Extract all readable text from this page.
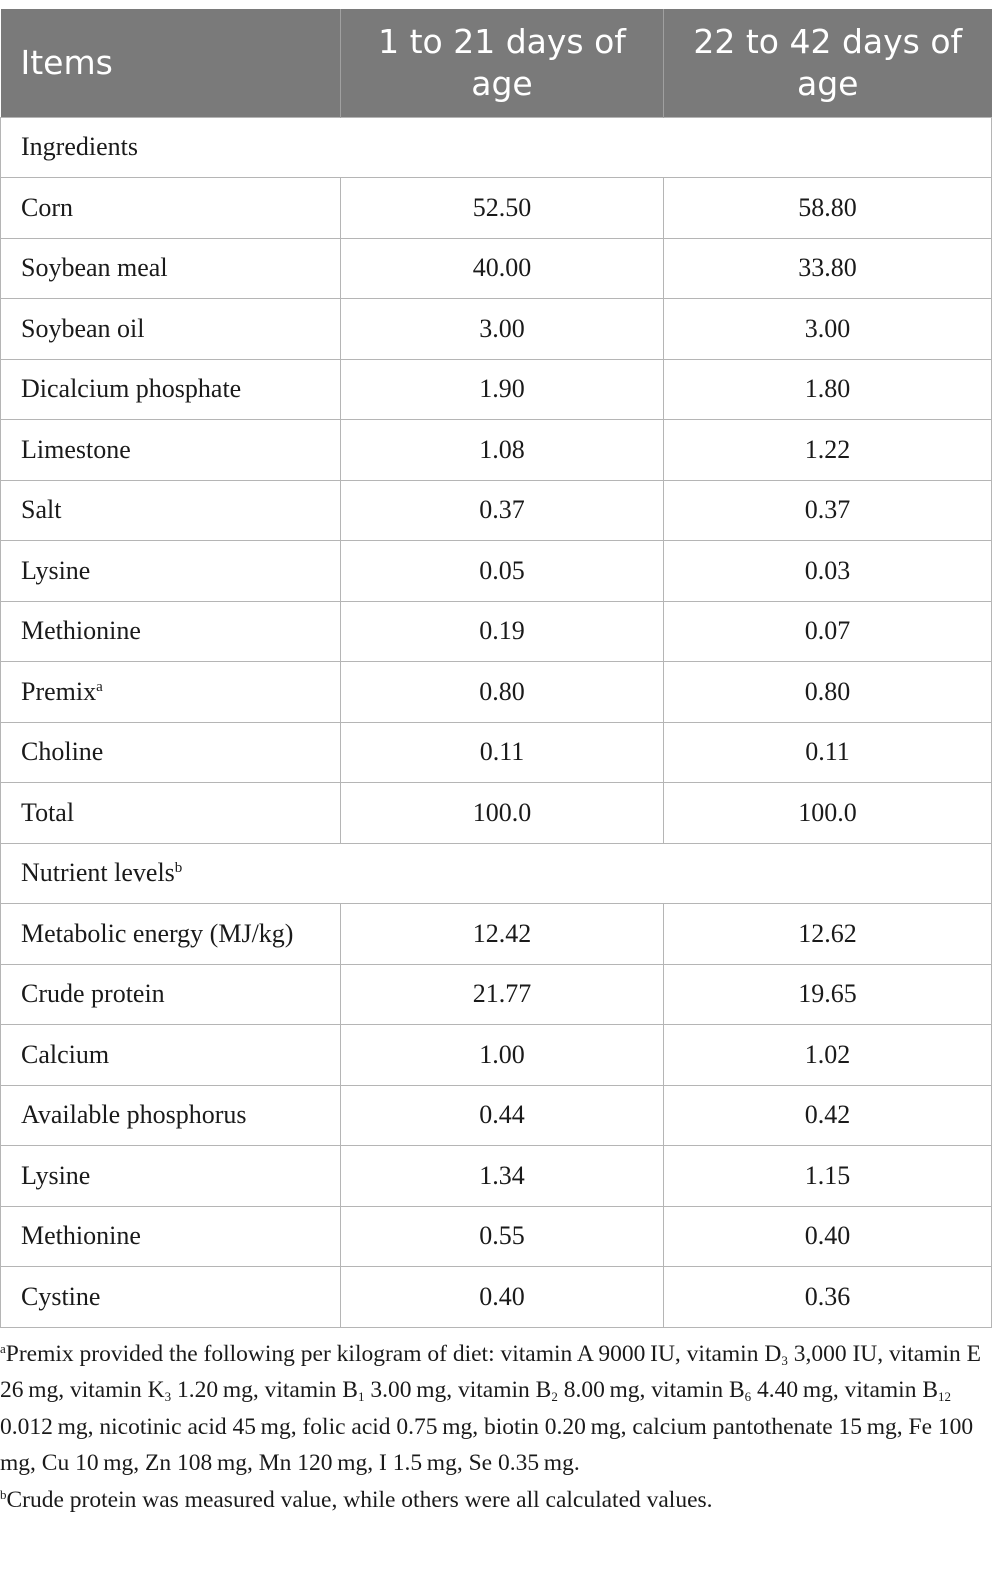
Items	1 to 21 days of age	22 to 42 days of age
Ingredients		
Corn	52.50	58.80
Soybean meal	40.00	33.80
Soybean oil	3.00	3.00
Dicalcium phosphate	1.90	1.80
Limestone	1.08	1.22
Salt	0.37	0.37
Lysine	0.05	0.03
Methionine	0.19	0.07
Premix$^a$	0.80	0.80
Choline	0.11	0.11
Total	100.0	100.0
Nutrient levels$^b$
Metabolic energy (MJ/kg)	12.42	12.62
Crude protein	21.77	19.65
Calcium	1.00	1.02
Available phosphorus	0.44	0.42
Lysine	1.34	1.15
Methionine	0.55	0.40
Cystine	0.40	0.36

$^a$Premix provided the following per kilogram of diet: vitamin A 9000 IU, vitamin $D_3$ 3,000 IU, vitamin E 26 mg, vitamin $K_3$ 1.20 mg, vitamin $B_1$ 3.00 mg, vitamin $B_2$ 8.00 mg, vitamin $B_6$ 4.40 mg, vitamin $B_{12}$ 0.012 mg, nicotinic acid 45 mg, folic acid 0.75 mg, biotin 0.20 mg, calcium pantothenate 15 mg, Fe 100 mg, Cu 10 mg, Zn 108 mg, Mn 120 mg, I 1.5 mg, Se 0.35 mg.

$^b$Crude protein was measured value, while others were all calculated values.
